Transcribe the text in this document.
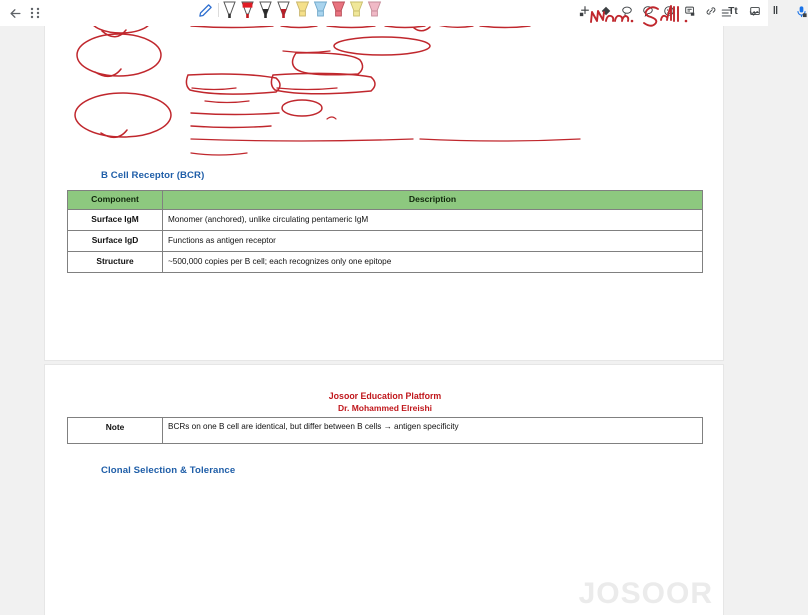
B Cell Receptor (BCR)
Component	Description
Surface IgM	Monomer (anchored), unlike circulating pentameric IgM
Surface IgD	Functions as antigen receptor
Structure	~500,000 copies per B cell; each recognizes only one epitope
Josoor Education Platform
Dr. Mohammed Elreishi
Note	BCRs on one B cell are identical, but differ between B cells → antigen specificity
Clonal Selection & Tolerance
JOSOOR
Tt	‖
